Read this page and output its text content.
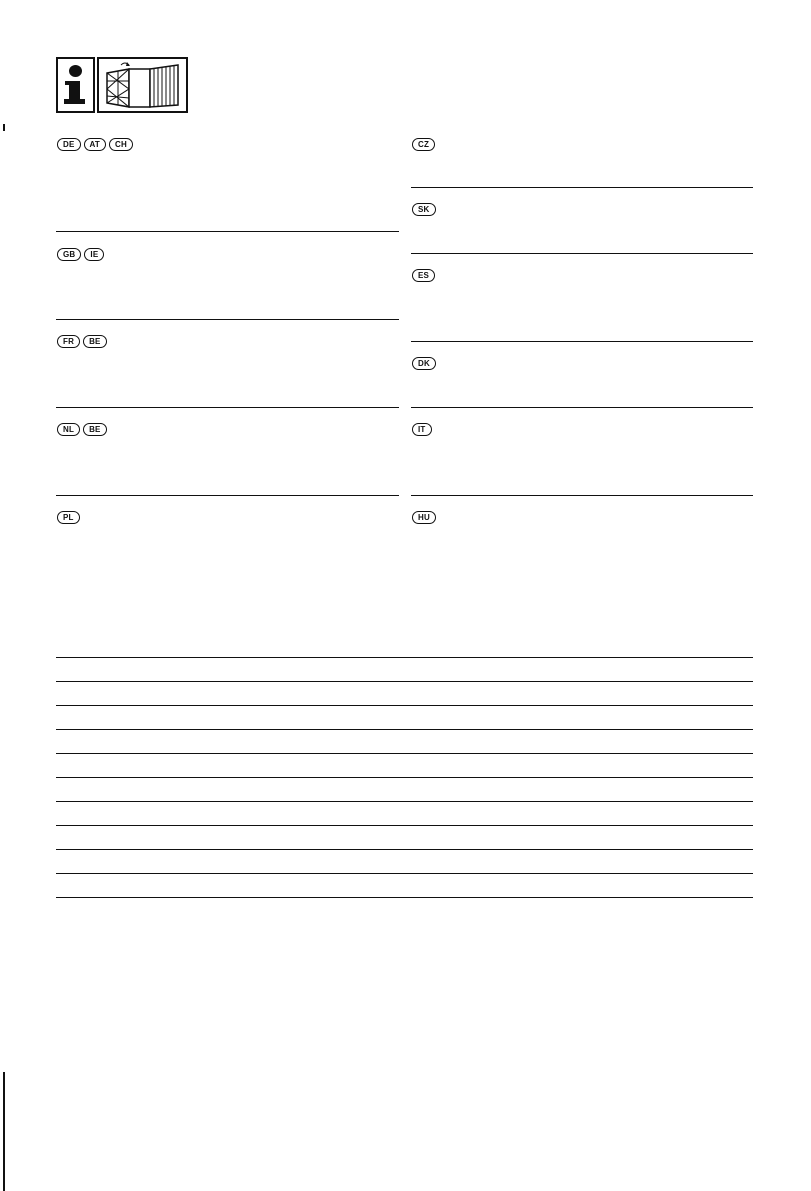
DE	AT	CH
GB	IE
FR	BE
NL	BE
PL
CZ
SK
ES
DK
IT
HU
